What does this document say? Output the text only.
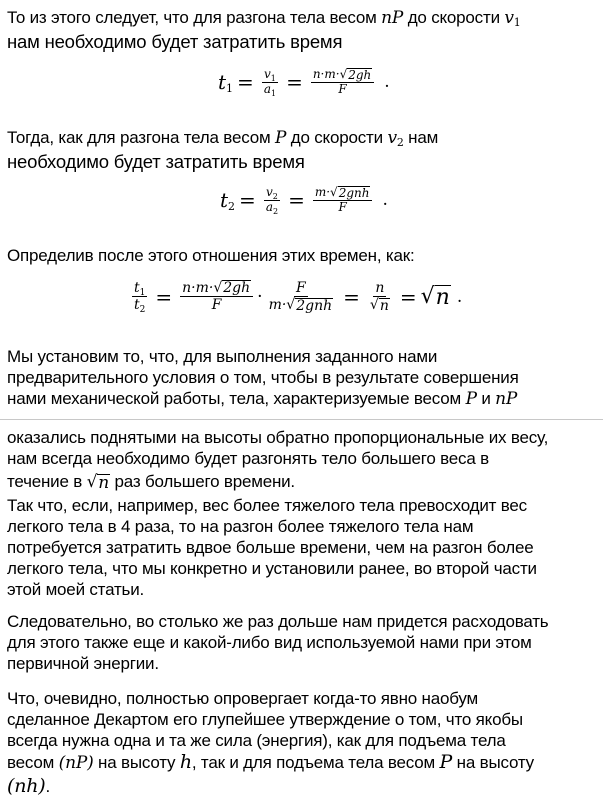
То из этого следует, что для разгона тела весом nP до скорости $v_1$
нам необходимо будет затратить время
$t_1 = \frac{v_1}{a_1} = \frac{n\cdot m\cdot √ 2gh}{F}$ .
Тогда, как для разгона тела весом P до скорости $v_2$ нам
необходимо будет затратить время
$t_2 = \frac{v_2}{a_2} = \frac{\text{m· √ 2gnh}}{F}$ .
Определив после этого отношения этих времен, как:
$\frac{t_1}{t_2} = \frac{n\cdot m\cdot √ 2gh}{F} \cdot \frac{F}{\text{m· √ 2gnh}} = \frac{n}{√ n}$ = √ n .
Мы установим то, что, для выполнения заданного нами
предварительного условия о том, чтобы в результате совершения
нами механической работы, тела, характеризуемые весом P и nP
оказались поднятыми на высоты обратно пропорциональные их весу,
нам всегда необходимо будет разгонять тело большего веса в
течение в √ n раз большего времени.
Так что, если, например, вес более тяжелого тела превосходит вес
легкого тела в 4 раза, то на разгон более тяжелого тела нам
потребуется затратить вдвое больше времени, чем на разгон более
легкого тела, что мы конкретно и установили ранее, во второй части
этой моей статьи.
Следовательно, во столько же раз дольше нам придется расходовать
для этого также еще и какой-либо вид используемой нами при этом
первичной энергии.
Что, очевидно, полностью опровергает когда-то явно наобум
сделанное Декартом его глупейшее утверждение о том, что якобы
всегда нужна одна и та же сила (энергия), как для подъема тела
весом (nP) на высоту h, так и для подъема тела весом P на высоту
(nh).
